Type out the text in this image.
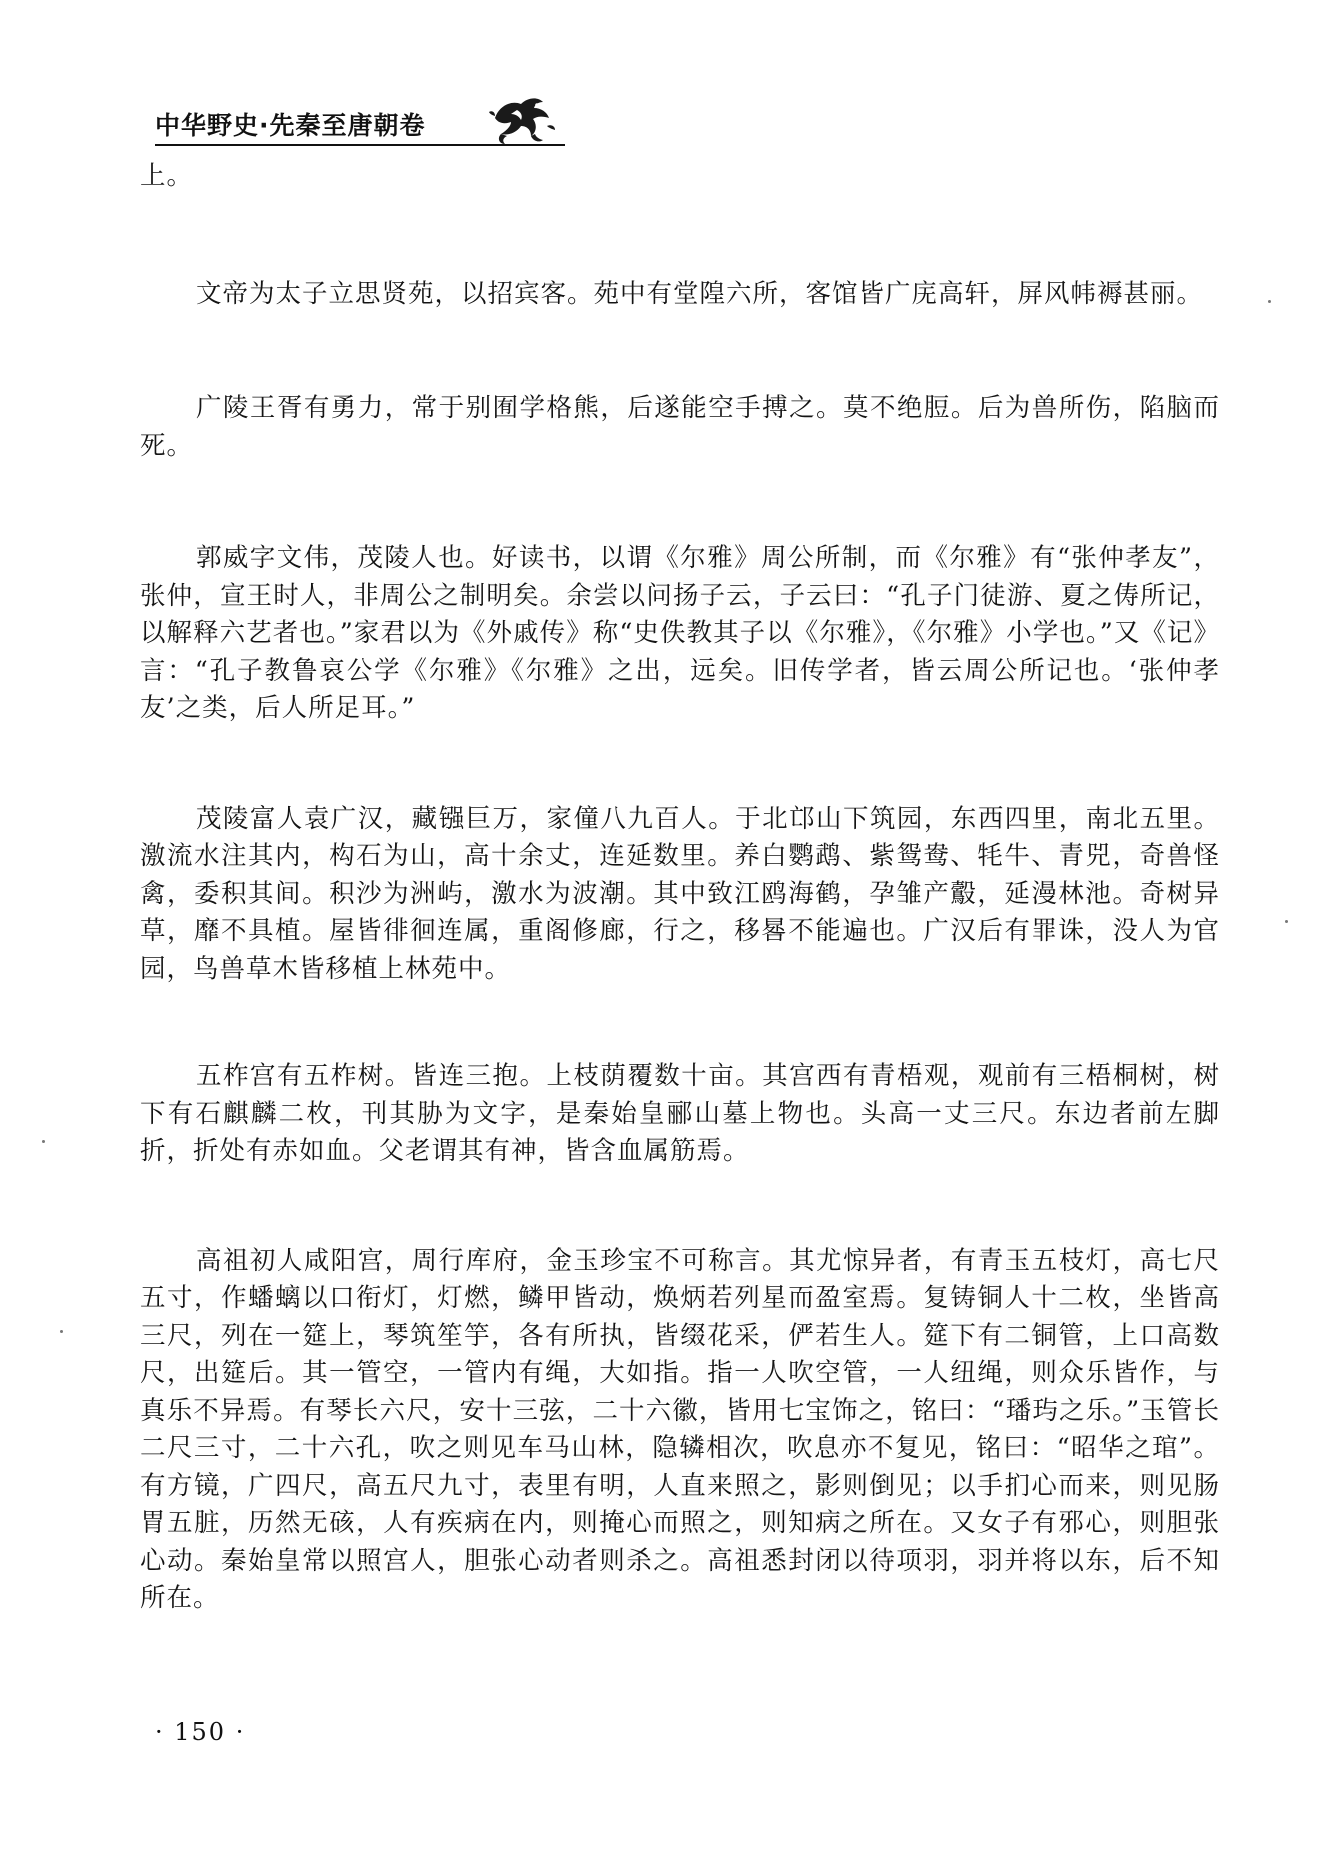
中华野史·先秦至唐朝卷

上。

文帝为太子立思贤苑，以招宾客。苑中有堂隍六所，客馆皆广庑高轩，屏风帏褥甚丽。

广陵王胥有勇力，常于别囿学格熊，后遂能空手搏之。莫不绝脰。后为兽所伤，陷脑而死。

郭威字文伟，茂陵人也。好读书，以谓《尔雅》周公所制，而《尔雅》有“张仲孝友”，张仲，宣王时人，非周公之制明矣。余尝以问扬子云，子云曰：“孔子门徒游、夏之俦所记，以解释六艺者也。”家君以为《外戚传》称“史佚教其子以《尔雅》，《尔雅》小学也。”又《记》言：“孔子教鲁哀公学《尔雅》《尔雅》之出，远矣。旧传学者，皆云周公所记也。‘张仲孝友’之类，后人所足耳。”

茂陵富人袁广汉，藏镪巨万，家僮八九百人。于北邙山下筑园，东西四里，南北五里。激流水注其内，构石为山，高十余丈，连延数里。养白鹦鹉、紫鸳鸯、牦牛、青兕，奇兽怪禽，委积其间。积沙为洲屿，激水为波潮。其中致江鸥海鹤，孕雏产鷇，延漫林池。奇树异草，靡不具植。屋皆徘徊连属，重阁修廊，行之，移晷不能遍也。广汉后有罪诛，没人为官园，鸟兽草木皆移植上林苑中。

五柞宫有五柞树。皆连三抱。上枝荫覆数十亩。其宫西有青梧观，观前有三梧桐树，树下有石麒麟二枚，刊其胁为文字，是秦始皇郦山墓上物也。头高一丈三尺。东边者前左脚折，折处有赤如血。父老谓其有神，皆含血属筋焉。

高祖初人咸阳宫，周行库府，金玉珍宝不可称言。其尤惊异者，有青玉五枝灯，高七尺五寸，作蟠螭以口衔灯，灯燃，鳞甲皆动，焕炳若列星而盈室焉。复铸铜人十二枚，坐皆高三尺，列在一筵上，琴筑笙竽，各有所执，皆缀花采，俨若生人。筵下有二铜管，上口高数尺，出筵后。其一管空，一管内有绳，大如指。指一人吹空管，一人纽绳，则众乐皆作，与真乐不异焉。有琴长六尺，安十三弦，二十六徽，皆用七宝饰之，铭曰：“璠玙之乐。”玉管长二尺三寸，二十六孔，吹之则见车马山林，隐辚相次，吹息亦不复见，铭曰：“昭华之琯”。有方镜，广四尺，高五尺九寸，表里有明，人直来照之，影则倒见；以手扪心而来，则见肠胃五脏，历然无硋，人有疾病在内，则掩心而照之，则知病之所在。又女子有邪心，则胆张心动。秦始皇常以照宫人，胆张心动者则杀之。高祖悉封闭以待项羽，羽并将以东，后不知所在。

· 150 ·
